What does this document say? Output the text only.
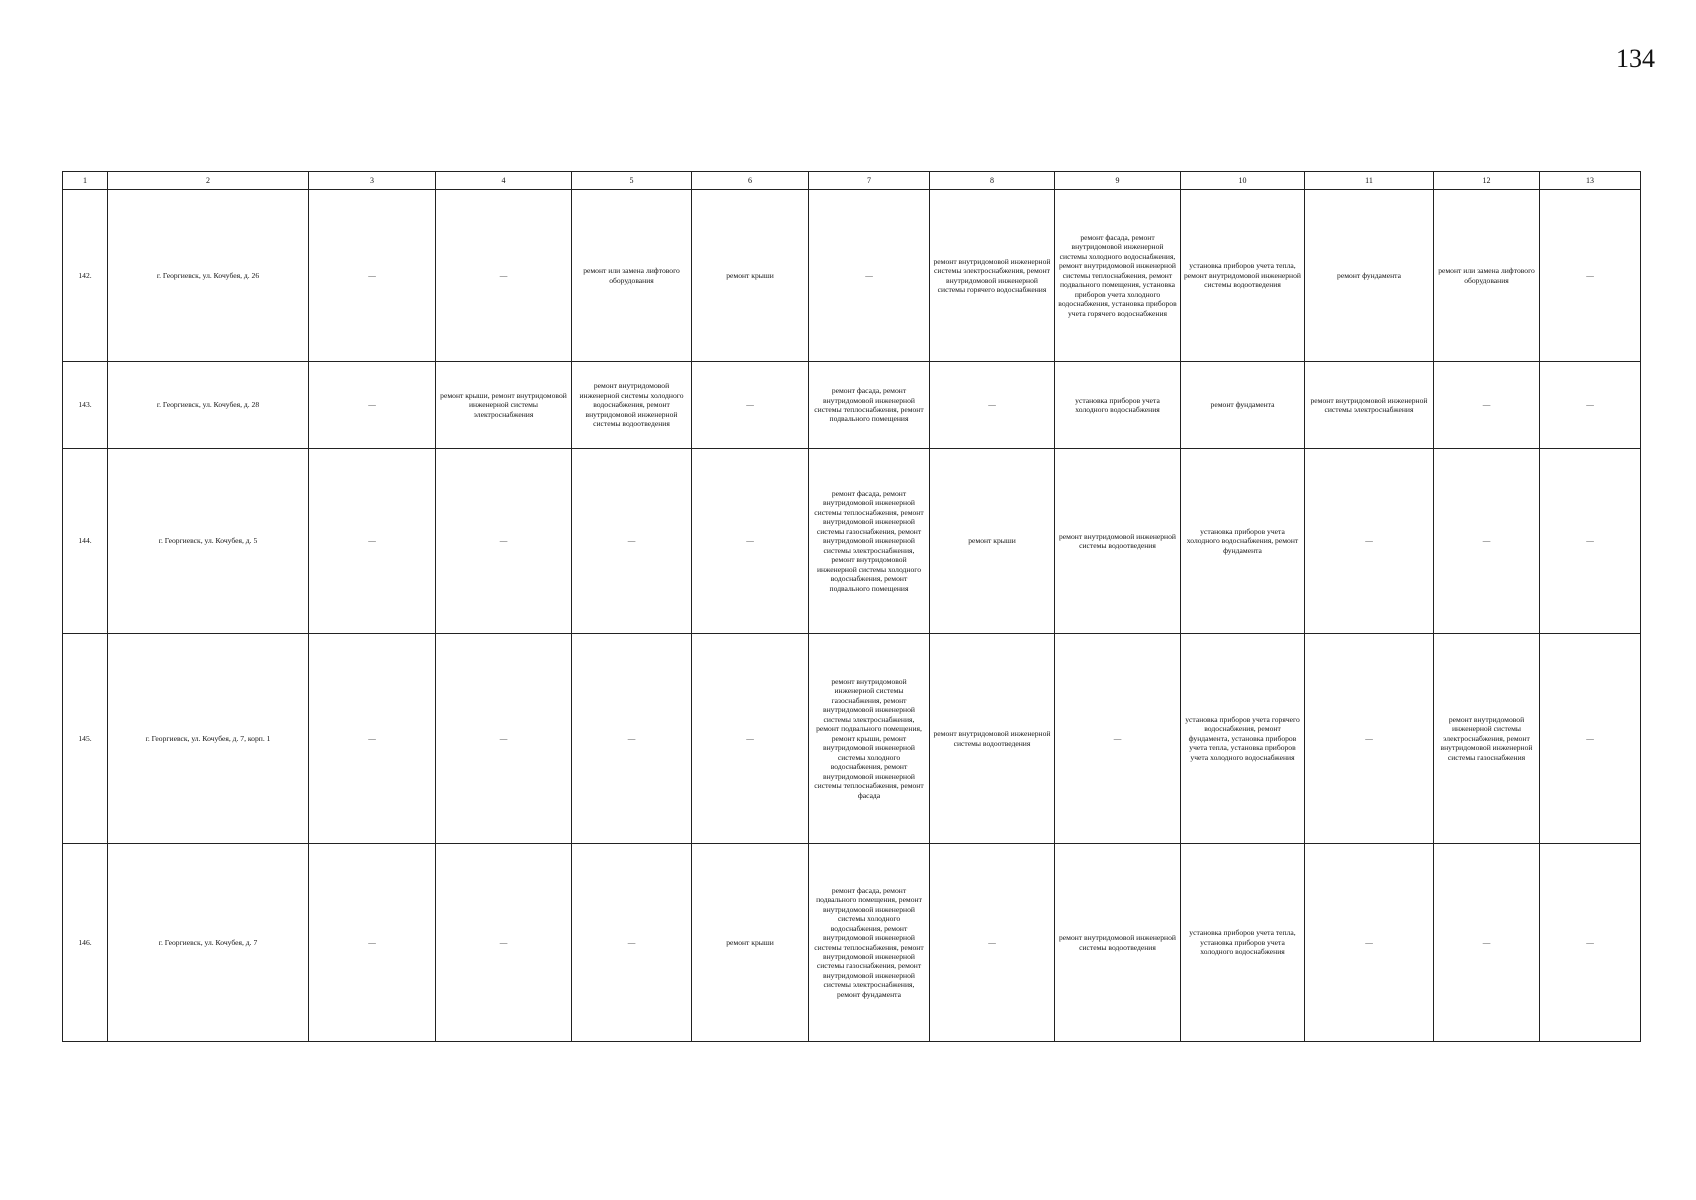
134
1	2	3	4	5	6	7	8	9	10	11	12	13
142.	г. Георгиевск, ул. Кочубея, д. 26	—	—	ремонт или замена лифтового оборудования	ремонт крыши	—	ремонт внутридомовой инженерной системы электроснабжения, ремонт внутридомовой инженерной системы горячего водоснабжения	ремонт фасада, ремонт внутридомовой инженерной системы холодного водоснабжения, ремонт внутридомовой инженерной системы теплоснабжения, ремонт подвального помещения, установка приборов учета холодного водоснабжения, установка приборов учета горячего водоснабжения	установка приборов учета тепла, ремонт внутридомовой инженерной системы водоотведения	ремонт фундамента	ремонт или замена лифтового оборудования	—
143.	г. Георгиевск, ул. Кочубея, д. 28	—	ремонт крыши, ремонт внутридомовой инженерной системы электроснабжения	ремонт внутридомовой инженерной системы холодного водоснабжения, ремонт внутридомовой инженерной системы водоотведения	—	ремонт фасада, ремонт внутридомовой инженерной системы теплоснабжения, ремонт подвального помещения	—	установка приборов учета холодного водоснабжения	ремонт фундамента	ремонт внутридомовой инженерной системы электроснабжения	—	—
144.	г. Георгиевск, ул. Кочубея, д. 5	—	—	—	—	ремонт фасада, ремонт внутридомовой инженерной системы теплоснабжения, ремонт внутридомовой инженерной системы газоснабжения, ремонт внутридомовой инженерной системы электроснабжения, ремонт внутридомовой инженерной системы холодного водоснабжения, ремонт подвального помещения	ремонт крыши	ремонт внутридомовой инженерной системы водоотведения	установка приборов учета холодного водоснабжения, ремонт фундамента	—	—	—
145.	г. Георгиевск, ул. Кочубея, д. 7, корп. 1	—	—	—	—	ремонт внутридомовой инженерной системы газоснабжения, ремонт внутридомовой инженерной системы электроснабжения, ремонт подвального помещения, ремонт крыши, ремонт внутридомовой инженерной системы холодного водоснабжения, ремонт внутридомовой инженерной системы теплоснабжения, ремонт фасада	ремонт внутридомовой инженерной системы водоотведения	—	установка приборов учета горячего водоснабжения, ремонт фундамента, установка приборов учета тепла, установка приборов учета холодного водоснабжения	—	ремонт внутридомовой инженерной системы электроснабжения, ремонт внутридомовой инженерной системы газоснабжения	—
146.	г. Георгиевск, ул. Кочубея, д. 7	—	—	—	ремонт крыши	ремонт фасада, ремонт подвального помещения, ремонт внутридомовой инженерной системы холодного водоснабжения, ремонт внутридомовой инженерной системы теплоснабжения, ремонт внутридомовой инженерной системы газоснабжения, ремонт внутридомовой инженерной системы электроснабжения, ремонт фундамента	—	ремонт внутридомовой инженерной системы водоотведения	установка приборов учета тепла, установка приборов учета холодного водоснабжения	—	—	—
